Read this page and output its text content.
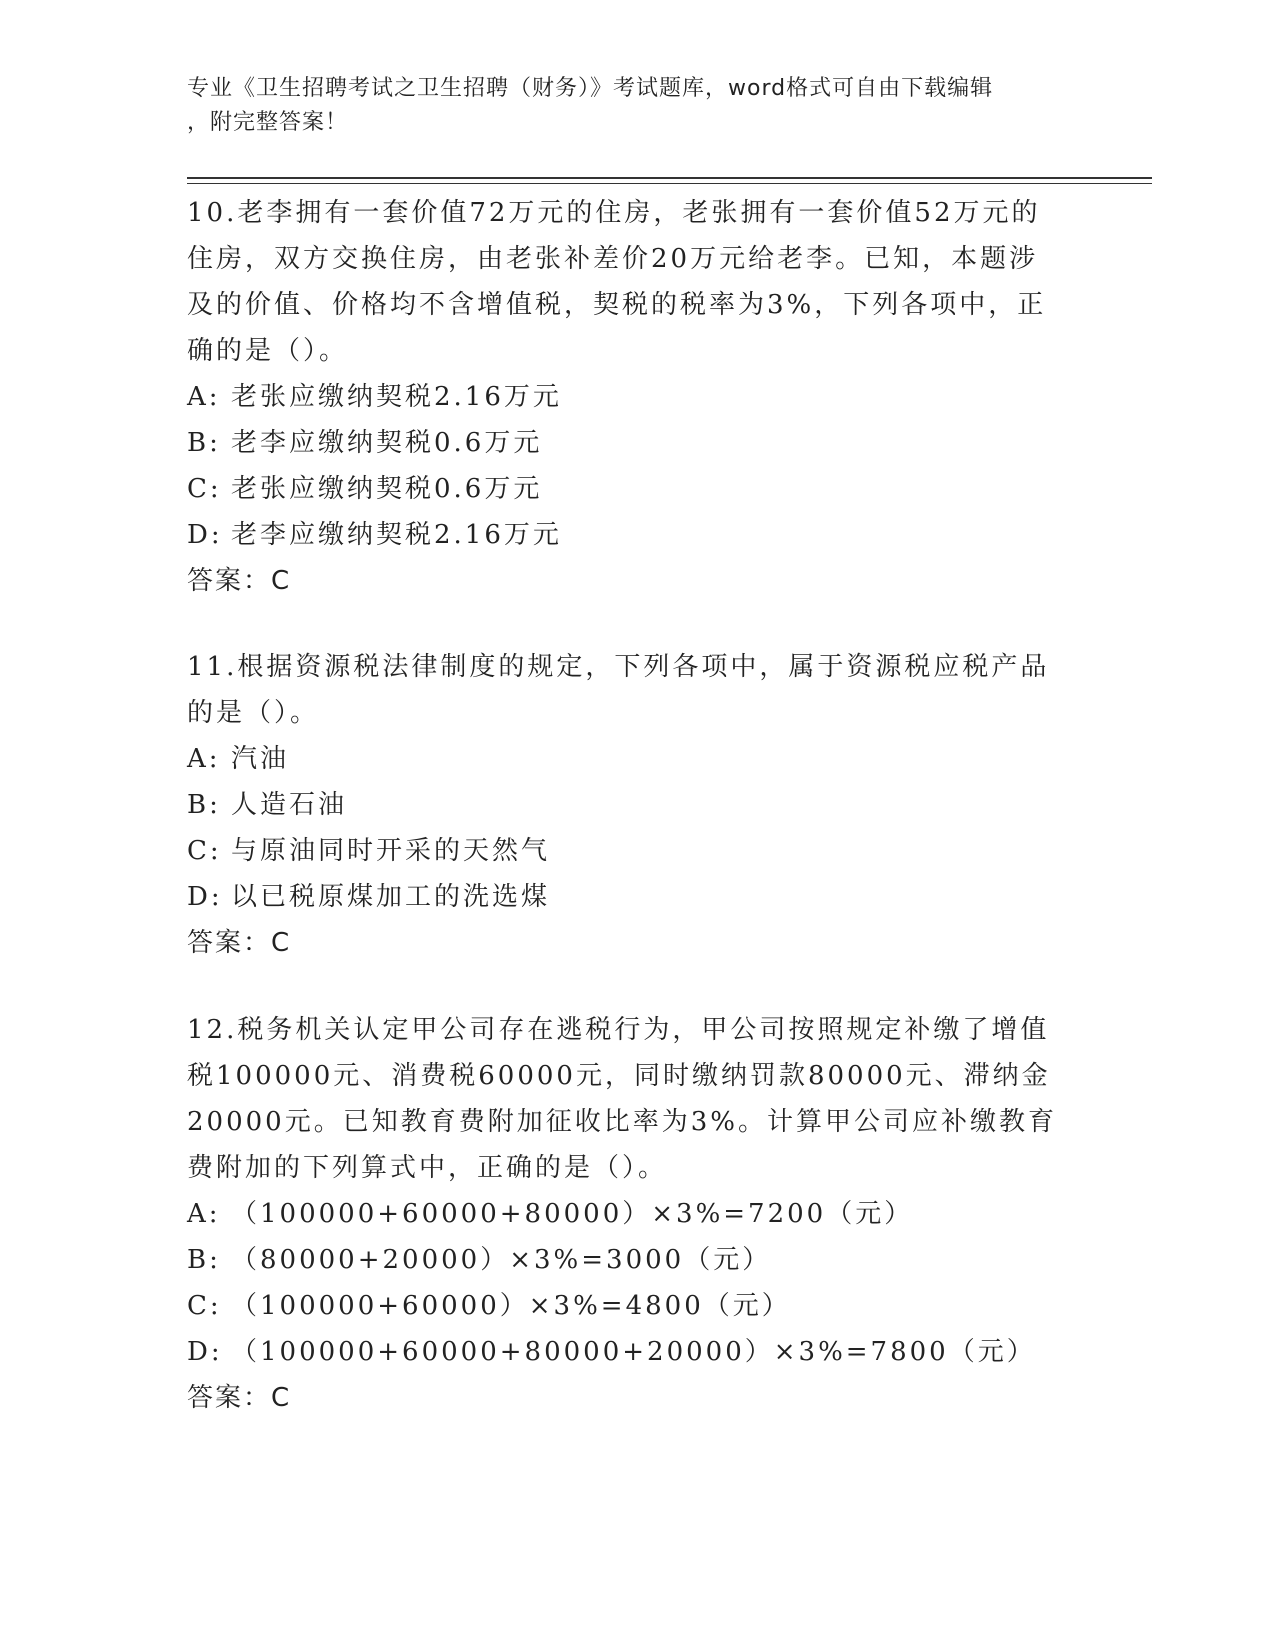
专业《卫生招聘考试之卫生招聘（财务）》考试题库，word格式可自由下载编辑
，附完整答案！

10.老李拥有一套价值72万元的住房，老张拥有一套价值52万元的住房，双方交换住房，由老张补差价20万元给老李。已知，本题涉及的价值、价格均不含增值税，契税的税率为3%，下列各项中，正确的是（）。

A: 老张应缴纳契税2.16万元

B: 老李应缴纳契税0.6万元

C: 老张应缴纳契税0.6万元

D: 老李应缴纳契税2.16万元

答案：C

11.根据资源税法律制度的规定，下列各项中，属于资源税应税产品的是（）。

A: 汽油

B: 人造石油

C: 与原油同时开采的天然气

D: 以已税原煤加工的洗选煤

答案：C

12.税务机关认定甲公司存在逃税行为，甲公司按照规定补缴了增值税100000元、消费税60000元，同时缴纳罚款80000元、滞纳金20000元。已知教育费附加征收比率为3%。计算甲公司应补缴教育费附加的下列算式中，正确的是（）。

A: （100000+60000+80000）×3%=7200（元）

B: （80000+20000）×3%=3000（元）

C: （100000+60000）×3%=4800（元）

D: （100000+60000+80000+20000）×3%=7800（元）

答案：C
